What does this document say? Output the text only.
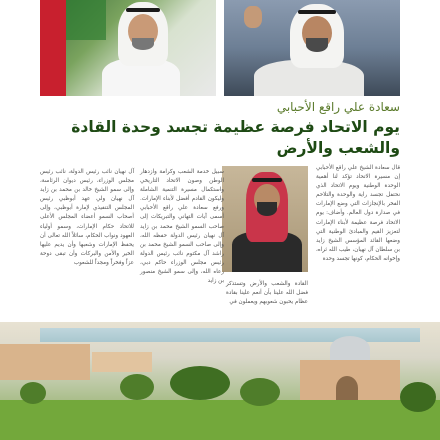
سعادة علي راقع الأحبابي
يوم الاتحاد فرصة عظيمة تجسد وحدة القادة
والشعب والأرض
قال سعادة الشيخ علي راقع الأحبابي إن مسيرة الاتحاد تؤكد لنا أهمية الوحدة الوطنية ويوم الاتحاد الذي نحتفل تجسد راية والوحدة والتلاحم الفخر بالإنجازات التي وضع الإمارات في صدارة دول العالم. وأضاف: يوم الاتحاد فرصة عظيمة لأبناء الإمارات لتعزيز القيم والمبادئ الوطنية التي وضعها القائد المؤسس الشيخ زايد بن سلطان آل نهيان، طيب الله ثراه، وإخوانه الحكام، كونها تجسد وحدة
القادة والشعب والأرض وتستذكر فضل الله علينا بأن أنعم علينا بقادة عظام يحبون شعوبهم ويعملون في
سبيل خدمة الشعب وكرامة وازدهار الوطن وصون الاتحاد التاريخي واستكمال مسيرة التنمية الشاملة وليكون القادم أفضل لأبناء الإمارات. ورفع سعادة علي راقع الأحبابي أسمى آيات التهاني والتبريكات إلى صاحب السمو الشيخ محمد بن زايد آل نهيان رئيس الدولة حفظه الله، وإلى صاحب السمو الشيخ محمد بن راشد آل مكتوم نائب رئيس الدولة رئيس مجلس الوزراء حاكم دبي، رعاه الله، وإلى سمو الشيخ منصور بن زايد
آل نهيان نائب رئيس الدولة، نائب رئيس مجلس الوزراء، رئيس ديوان الرئاسة، وإلى سمو الشيخ خالد بن محمد بن زايد آل نهيان ولي عهد أبوظبي رئيس المجلس التنفيذي لإمارة أبوظبي، وإلى أصحاب السمو أعضاء المجلس الأعلى للاتحاد حكام الإمارات، وسمو أولياء العهود ونواب الحكام، سائلاً الله تعالى أن يحفظ الإمارات وشعبها وأن يديم عليها الخير والأمن والبركات وأن تبقى دوحة عزاً وفخراً ومجداً للشعوب
